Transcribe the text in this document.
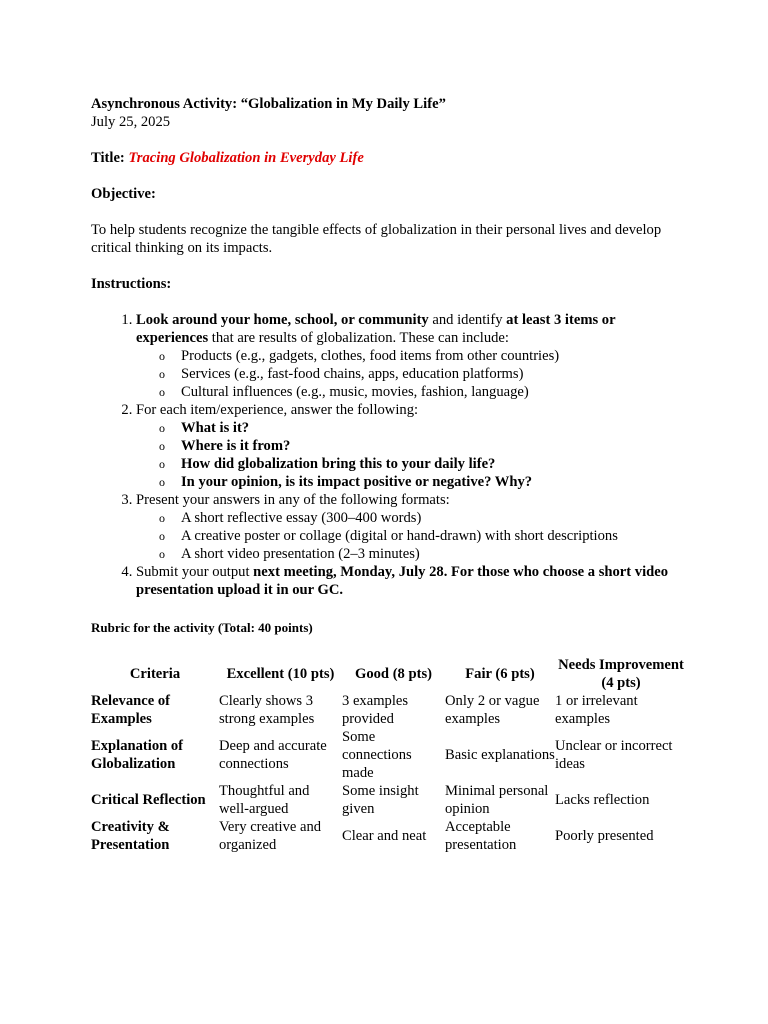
Asynchronous Activity: “Globalization in My Daily Life”

July 25, 2025

Title: Tracing Globalization in Everyday Life

Objective:

To help students recognize the tangible effects of globalization in their personal lives and develop critical thinking on its impacts.

Instructions:

1. Look around your home, school, or community and identify at least 3 items or experiences that are results of globalization. These can include:
o Products (e.g., gadgets, clothes, food items from other countries)
o Services (e.g., fast-food chains, apps, education platforms)
o Cultural influences (e.g., music, movies, fashion, language)
2. For each item/experience, answer the following:
o What is it?
o Where is it from?
o How did globalization bring this to your daily life?
o In your opinion, is its impact positive or negative? Why?
3. Present your answers in any of the following formats:
o A short reflective essay (300–400 words)
o A creative poster or collage (digital or hand-drawn) with short descriptions
o A short video presentation (2–3 minutes)
4. Submit your output next meeting, Monday, July 28. For those who choose a short video presentation upload it in our GC.

Rubric for the activity (Total: 40 points)

Criteria	Excellent (10 pts)	Good (8 pts)	Fair (6 pts)	Needs Improvement (4 pts)
Relevance of Examples	Clearly shows 3 strong examples	3 examples provided	Only 2 or vague examples	1 or irrelevant examples
Explanation of Globalization	Deep and accurate connections	Some connections made	Basic explanations	Unclear or incorrect ideas
Critical Reflection	Thoughtful and well-argued	Some insight given	Minimal personal opinion	Lacks reflection
Creativity & Presentation	Very creative and organized	Clear and neat	Acceptable presentation	Poorly presented
